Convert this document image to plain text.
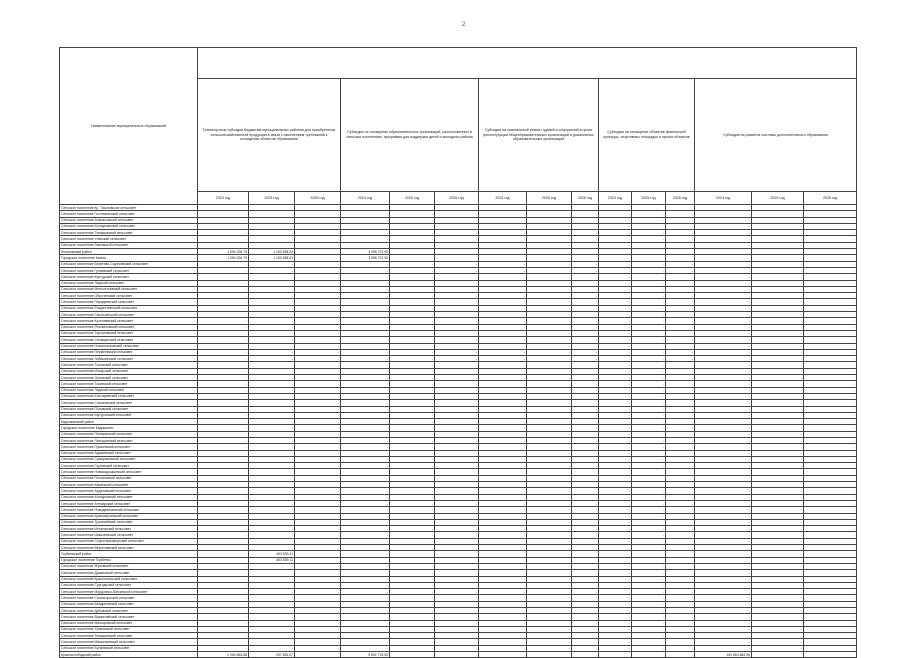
2
Наименование муниципальных образований															
	Транспортные субсидии бюджетам муниципальных районов для приобретения сельскохозяйственной продукции в связи с изменением требований к оснащению объектов образования			Субсидии на оснащение образовательных организаций, расположенных в сельских поселениях, программа для поддержки детей и молодежи района			Субсидии на капитальный ремонт зданий и сооружений в целях реконструкции общеобразовательных организаций и дошкольных образовательных организаций			Субсидии на оснащение объектов физической культуры, спортивных площадок и прочих объектов			Субсидии на развитие системы дополнительного образования		
	2024 год	2025 год	2026 год	2024 год	2025 год	2026 год	2024 год	2025 год	2026 год	2024 год	2025 год	2026 год	2024 год	2025 год	2026 год
Сельское поселение Кр. Ташловское сельсовет															
Сельское поселение Гостомельский сельсовет	-	-	-	-	-	-	-	-	-	-	-	-	-	-	-
Сельское поселение Апанасовский сельсовет	-	-	-	-	-	-	-	-	-	-	-	-	-	-	-
Сельское поселение Колодезянский сельсовет	-	-	-	-	-	-	-	-	-	-	-	-	-	-	-
Сельское поселение Томашовский сельсовет	-	-	-	-	-	-	-	-	-	-	-	-	-	-	-
Сельское поселение Уланский сельсовет	-	-	-	-	-	-	-	-	-	-	-	-	-	-	-
Сельское поселение Зимовской сельсовет	-	-	-	-	-	-	-	-	-	-	-	-	-	-	-
Ичалковский район	1 094 326,79	1 183 838,43		3 098 722,05											
Городское поселение Кемля	1 094 326,79	1 183 838,43		3 098 722,05											
Сельское поселение Берегово-Сыресевский сельсовет	-	-	-	-	-	-	-	-	-	-	-	-	-	-	-
Сельское поселение Гуляевский сельсовет	-	-	-	-	-	-	-	-	-	-	-	-	-	-	-
Сельское поселение Кергудский сельсовет	-	-	-	-	-	-	-	-	-	-	-	-	-	-	-
Сельское поселение Ладский сельсовет	-	-	-	-	-	-	-	-	-	-	-	-	-	-	-
Сельское поселение Мельсетьевский сельсовет	-	-	-	-	-	-	-	-	-	-	-	-	-	-	-
Сельское поселение Оброченский сельсовет	-	-	-	-	-	-	-	-	-	-	-	-	-	-	-
Сельское поселение Парадеевский сельсовет	-	-	-	-	-	-	-	-	-	-	-	-	-	-	-
Сельское поселение Рождественский сельсовет	-	-	-	-	-	-	-	-	-	-	-	-	-	-	-
Сельское поселение Смольненский сельсовет	-	-	-	-	-	-	-	-	-	-	-	-	-	-	-
Сельское поселение Кученяевский сельсовет	-	-	-	-	-	-	-	-	-	-	-	-	-	-	-
Сельское поселение Резоватовский сельсовет	-	-	-	-	-	-	-	-	-	-	-	-	-	-	-
Сельское поселение Тархановский сельсовет	-	-	-	-	-	-	-	-	-	-	-	-	-	-	-
Сельское поселение Селищинский сельсовет	-	-	-	-	-	-	-	-	-	-	-	-	-	-	-
Сельское поселение Новоичалковский сельсовет	-	-	-	-	-	-	-	-	-	-	-	-	-	-	-
Сельское поселение Пермеевский сельсовет	-	-	-	-	-	-	-	-	-	-	-	-	-	-	-
Сельское поселение Лобаскинский сельсовет	-	-	-	-	-	-	-	-	-	-	-	-	-	-	-
Сельское поселение Таловский сельсовет	-	-	-	-	-	-	-	-	-	-	-	-	-	-	-
Сельское поселение Инсарский сельсовет	-	-	-	-	-	-	-	-	-	-	-	-	-	-	-
Сельское поселение Оксовский сельсовет	-	-	-	-	-	-	-	-	-	-	-	-	-	-	-
Сельское поселение Тазинский сельсовет	-	-	-	-	-	-	-	-	-	-	-	-	-	-	-
Сельское поселение Ладский сельсовет	-	-	-	-	-	-	-	-	-	-	-	-	-	-	-
Сельское поселение Ключаревский сельсовет	-	-	-	-	-	-	-	-	-	-	-	-	-	-	-
Сельское поселение Сиалеевский сельсовет	-	-	-	-	-	-	-	-	-	-	-	-	-	-	-
Сельское поселение Поповский сельсовет	-	-	-	-	-	-	-	-	-	-	-	-	-	-	-
Сельское поселение Шугуровский сельсовет	-	-	-	-	-	-	-	-	-	-	-	-	-	-	-
Кадошкинский район	-	-	-	-	-	-	-	-	-	-	-	-	-	-	-
Городское поселение Кадошкино	-	-	-	-	-	-	-	-	-	-	-	-	-	-	-
Сельское поселение Паньжинский сельсовет	-	-	-	-	-	-	-	-	-	-	-	-	-	-	-
Сельское поселение Латышовский сельсовет	-	-	-	-	-	-	-	-	-	-	-	-	-	-	-
Сельское поселение Пушкинский сельсовет	-	-	-	-	-	-	-	-	-	-	-	-	-	-	-
Сельское поселение Адашевский сельсовет	-	-	-	-	-	-	-	-	-	-	-	-	-	-	-
Сельское поселение Сумароковский сельсовет	-	-	-	-	-	-	-	-	-	-	-	-	-	-	-
Сельское поселение Глуховский сельсовет	-	-	-	-	-	-	-	-	-	-	-	-	-	-	-
Сельское поселение Новокадошкинский сельсовет															
Сельское поселение Полозовский сельсовет															
Сельское поселение Каменский сельсовет															
Сельское поселение Ардатовский сельсовет	-	-	-	-	-	-	-	-	-	-	-	-	-	-	-
Сельское поселение Кочкуровский сельсовет	-	-	-	-	-	-	-	-	-	-	-	-	-	-	-
Сельское поселение Атемарский сельсовет	-	-	-	-	-	-	-	-	-	-	-	-	-	-	-
Сельское поселение Новодевичинский сельсовет	-	-	-	-	-	-	-	-	-	-	-	-	-	-	-
Сельское поселение Кривозерьевский сельсовет	-	-	-	-	-	-	-	-	-	-	-	-	-	-	-
Сельское поселение Трускляйский сельсовет	-	-	-	-	-	-	-	-	-	-	-	-	-	-	-
Сельское поселение Игнатовский сельсовет	-	-	-	-	-	-	-	-	-	-	-	-	-	-	-
Сельское поселение Шишкеевский сельсовет	-	-	-	-	-	-	-	-	-	-	-	-	-	-	-
Сельское поселение Старотеризморгский сельсовет	-	-	-	-	-	-	-	-	-	-	-	-	-	-	-
Сельское поселение Вертелимский сельсовет	-	-	-	-	-	-	-	-	-	-	-	-	-	-	-
Торбеевский район		453 839,11													
Городское поселение Торбеево		453 839,11													
Сельское поселение Жуковский сельсовет	-	-	-	-	-	-	-	-	-	-	-	-	-	-	-
Сельское поселение Дракинский сельсовет	-	-	-	-	-	-	-	-	-	-	-	-	-	-	-
Сельское поселение Краснопольский сельсовет	-	-	-	-	-	-	-	-	-	-	-	-	-	-	-
Сельское поселение Сургодьский сельсовет	-	-	-	-	-	-	-	-	-	-	-	-	-	-	-
Сельское поселение Мордовско-Юнкинский сельсовет	-	-	-	-	-	-	-	-	-	-	-	-	-	-	-
Сельское поселение Салазгорьский сельсовет	-	-	-	-	-	-	-	-	-	-	-	-	-	-	-
Сельское поселение Виндреевский сельсовет	-	-	-	-	-	-	-	-	-	-	-	-	-	-	-
Сельское поселение Дубовский сельсовет	-	-	-	-	-	-	-	-	-	-	-	-	-	-	-
Сельское поселение Варжеляйский сельсовет	-	-	-	-	-	-	-	-	-	-	-	-	-	-	-
Сельское поселение Мальцевский сельсовет	-	-	-	-	-	-	-	-	-	-	-	-	-	-	-
Сельское поселение Хилковский сельсовет	-	-	-	-	-	-	-	-	-	-	-	-	-	-	-
Сельское поселение Темяшевский сельсовет	-	-	-	-	-	-	-	-	-	-	-	-	-	-	-
Сельское поселение Мамолаевский сельсовет	-	-	-	-	-	-	-	-	-	-	-	-	-	-	-
Сельское поселение Булаевский сельсовет	-	-	-	-	-	-	-	-	-	-	-	-	-	-	-
Краснослободский район	2 064 683,68	297 839,07		9 592 725,05									152 663 884,96		
